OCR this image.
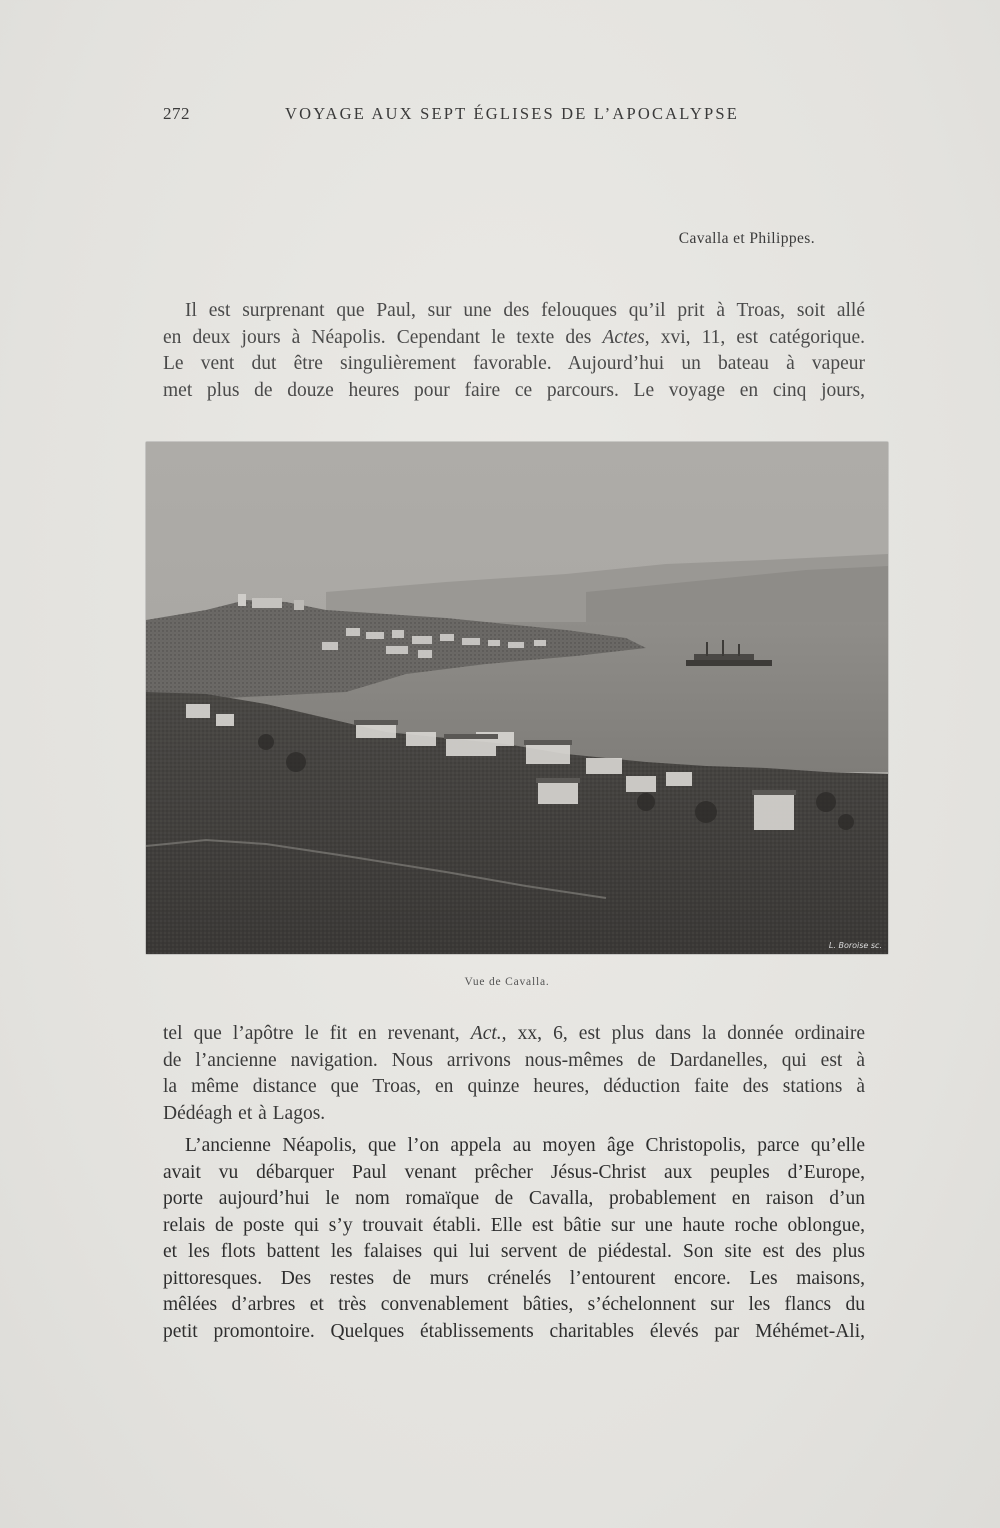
272	VOYAGE AUX SEPT ÉGLISES DE L’APOCALYPSE
Cavalla et Philippes.

Il est surprenant que Paul, sur une des felouques qu’il prit à Troas, soit allé
en deux jours à Néapolis. Cependant le texte des Actes, xvi, 11, est catégorique.
Le vent dut être singulièrement favorable. Aujourd’hui un bateau à vapeur
met plus de douze heures pour faire ce parcours. Le voyage en cinq jours,

L. Boroise sc.
Vue de Cavalla.

tel que l’apôtre le fit en revenant, Act., xx, 6, est plus dans la donnée ordinaire
de l’ancienne navigation. Nous arrivons nous-mêmes de Dardanelles, qui est à
la même distance que Troas, en quinze heures, déduction faite des stations à
Dédéagh et à Lagos.

L’ancienne Néapolis, que l’on appela au moyen âge Christopolis, parce qu’elle
avait vu débarquer Paul venant prêcher Jésus-Christ aux peuples d’Europe,
porte aujourd’hui le nom romaïque de Cavalla, probablement en raison d’un
relais de poste qui s’y trouvait établi. Elle est bâtie sur une haute roche oblongue,
et les flots battent les falaises qui lui servent de piédestal. Son site est des plus
pittoresques. Des restes de murs crénelés l’entourent encore. Les maisons,
mêlées d’arbres et très convenablement bâties, s’échelonnent sur les flancs du
petit promontoire. Quelques établissements charitables élevés par Méhémet-Ali,
